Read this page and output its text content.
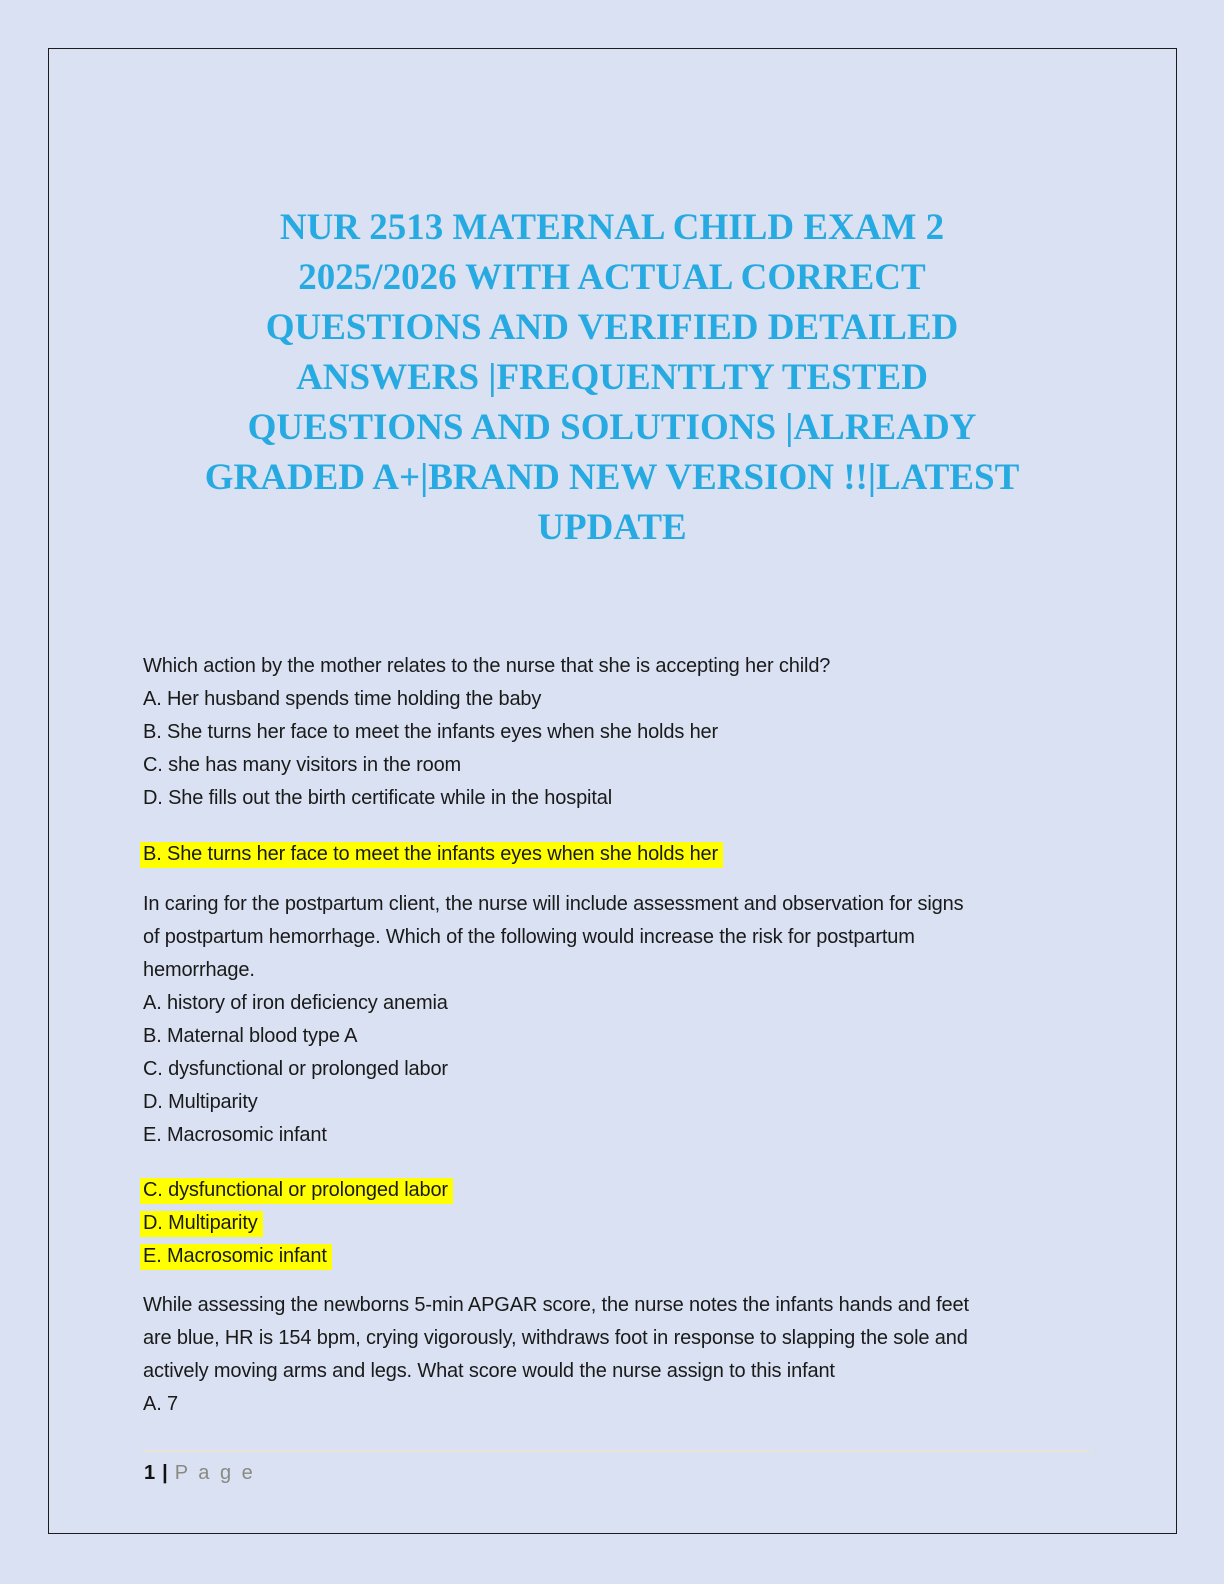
NUR 2513 MATERNAL CHILD EXAM 2
2025/2026 WITH ACTUAL CORRECT
QUESTIONS AND VERIFIED DETAILED
ANSWERS |FREQUENTLTY TESTED
QUESTIONS AND SOLUTIONS |ALREADY
GRADED A+|BRAND NEW VERSION !!|LATEST
UPDATE
Which action by the mother relates to the nurse that she is accepting her child?
A. Her husband spends time holding the baby
B. She turns her face to meet the infants eyes when she holds her
C. she has many visitors in the room
D. She fills out the birth certificate while in the hospital
B. She turns her face to meet the infants eyes when she holds her
In caring for the postpartum client, the nurse will include assessment and observation for signs
of postpartum hemorrhage. Which of the following would increase the risk for postpartum
hemorrhage.
A. history of iron deficiency anemia
B. Maternal blood type A
C. dysfunctional or prolonged labor
D. Multiparity
E. Macrosomic infant
C. dysfunctional or prolonged labor
D. Multiparity
E. Macrosomic infant
While assessing the newborns 5-min APGAR score, the nurse notes the infants hands and feet
are blue, HR is 154 bpm, crying vigorously, withdraws foot in response to slapping the sole and
actively moving arms and legs. What score would the nurse assign to this infant
A. 7
1 | P a g e
